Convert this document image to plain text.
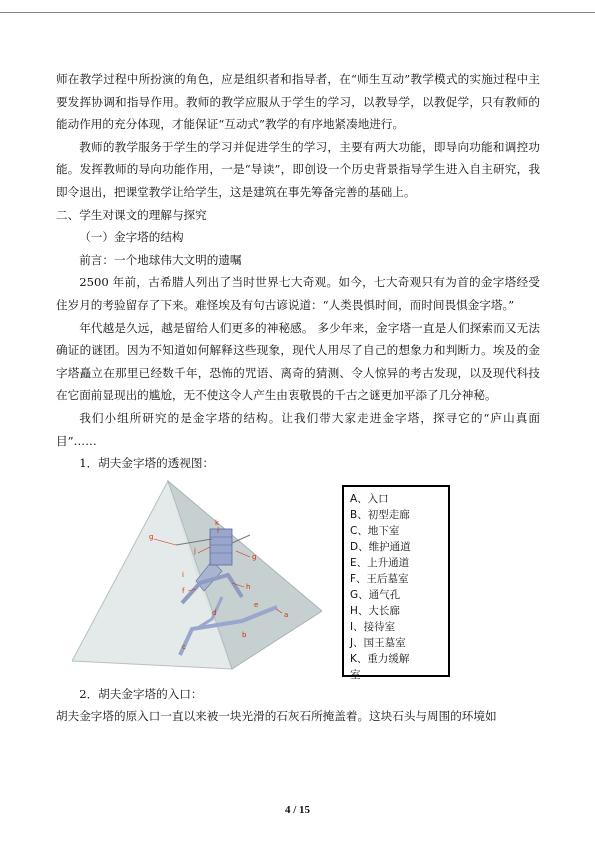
师在教学过程中所扮演的角色，应是组织者和指导者，在“师生互动”教学模式的实施过程中主要发挥协调和指导作用。教师的教学应服从于学生的学习，以教导学，以教促学，只有教师的能动作用的充分体现，才能保证“互动式”教学的有序地紧凑地进行。

教师的教学服务于学生的学习并促进学生的学习，主要有两大功能，即导向功能和调控功能。发挥教师的导向功能作用，一是“导读”，即创设一个历史背景指导学生进入自主研究，我即令退出，把课堂教学让给学生，这是建筑在事先筹备完善的基础上。

二、学生对课文的理解与探究

（一）金字塔的结构

前言：一个地球伟大文明的遗嘱

2500 年前，古希腊人列出了当时世界七大奇观。如今，七大奇观只有为首的金字塔经受住岁月的考验留存了下来。难怪埃及有句古谚说道：“人类畏惧时间，而时间畏惧金字塔。”

年代越是久远，越是留给人们更多的神秘感。 多少年来，金字塔一直是人们探索而又无法确证的谜团。因为不知道如何解释这些现象，现代人用尽了自己的想象力和判断力。埃及的金字塔矗立在那里已经数千年，恐怖的咒语、离奇的猜测、令人惊异的考古发现，以及现代科技在它面前显现出的尴尬，无不使这令人产生由衷敬畏的千古之谜更加平添了几分神秘。

我们小组所研究的是金字塔的结构。让我们带大家走进金字塔，探寻它的“庐山真面目”……

1．胡夫金字塔的透视图：

g
k
j
g
i
f	h
e
d
b
c
a
A、入口
B、初型走廊
C、地下室
D、维护通道
E、上升通道
F、王后墓室
G、通气孔
H、大长廊
I、接待室
J、国王墓室
K、重力缓解
室

2．胡夫金字塔的入口：

胡夫金字塔的原入口一直以来被一块光滑的石灰石所掩盖着。这块石头与周围的环境如

4 / 15
